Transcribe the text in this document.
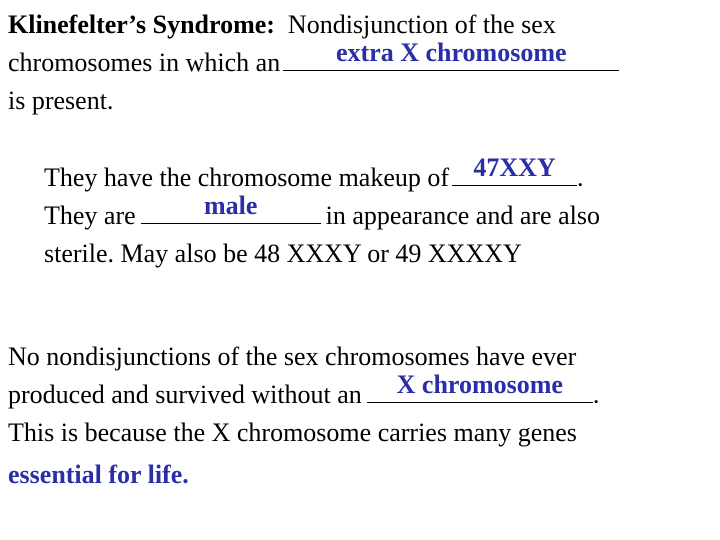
Klinefelter’s Syndrome: Nondisjunction of the sex
chromosomes in which an	extra X chromosome
is present.
They have the chromosome makeup of 47XXY .
They are	male	in appearance and are also
sterile. May also be 48 XXXY or 49 XXXXY
No nondisjunctions of the sex chromosomes have ever
produced and survived without an	X chromosome	.
This is because the X chromosome carries many genes
essential for life.
